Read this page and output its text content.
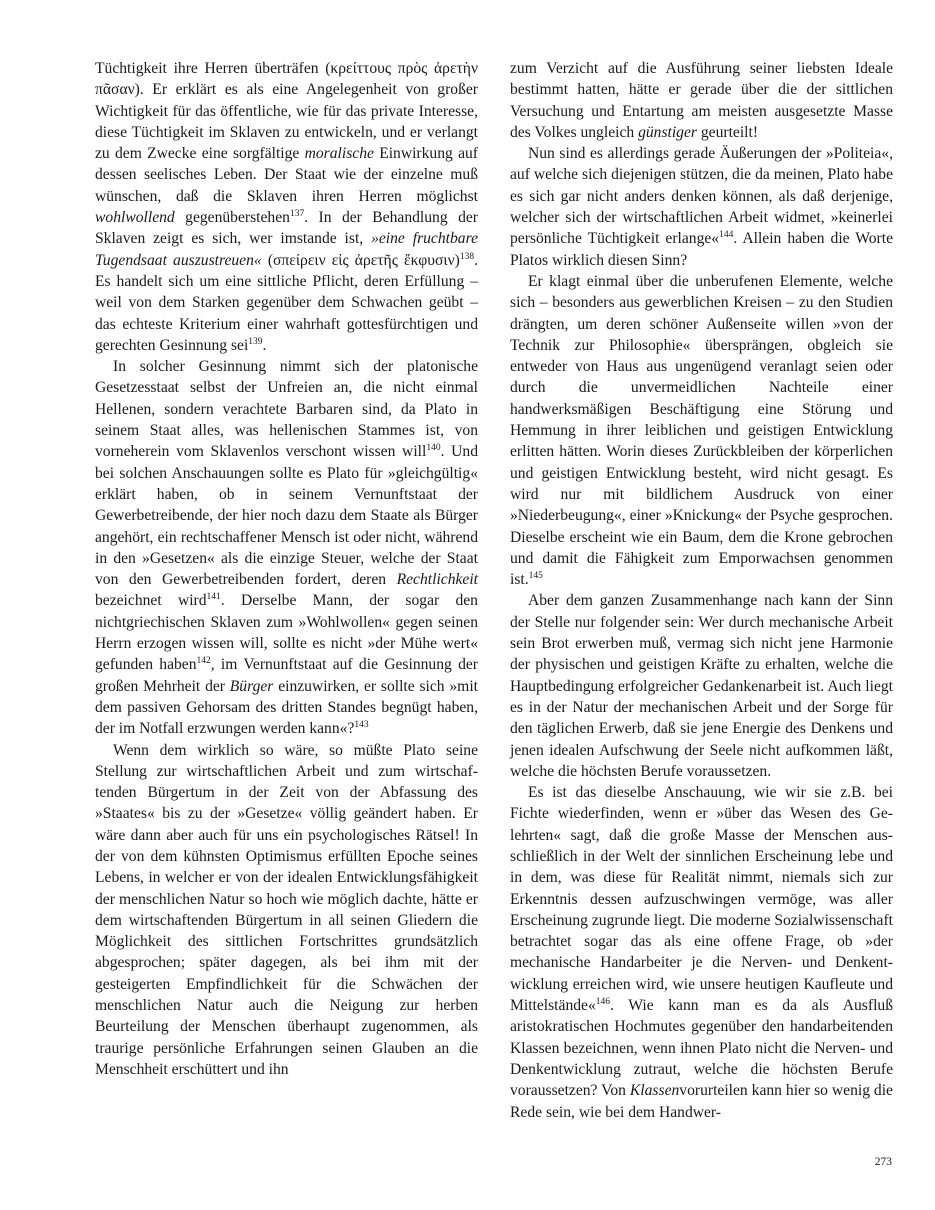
Tüchtigkeit ihre Herren überträfen (κρείττους πρὸς ἀρετὴν πᾶσαν). Er erklärt es als eine Angelegenheit von großer Wichtigkeit für das öffentliche, wie für das private Interesse, diese Tüchtigkeit im Sklaven zu entwickeln, und er verlangt zu dem Zwecke eine sorgfältige moralische Einwirkung auf dessen seelisches Leben. Der Staat wie der einzelne muß wünschen, daß die Sklaven ihren Herren möglichst wohlwollend gegenüberstehen$^{137}$. In der Behandlung der Sklaven zeigt es sich, wer imstande ist, »eine fruchtbare Tugendsaat auszustreuen« (σπείρειν εἰς ἀρετῆς ἔκφυσιν)$^{138}$. Es handelt sich um eine sittliche Pflicht, deren Erfüllung – weil von dem Starken gegenüber dem Schwachen geübt – das echteste Kriterium einer wahrhaft gottesfürchtigen und gerechten Gesinnung sei$^{139}$.

In solcher Gesinnung nimmt sich der platonische Gesetzesstaat selbst der Unfreien an, die nicht einmal Hellenen, sondern verachtete Barbaren sind, da Plato in seinem Staat alles, was hellenischen Stammes ist, von vorneherein vom Sklavenlos verschont wissen will$^{140}$. Und bei solchen Anschauungen sollte es Plato für »gleichgültig« erklärt haben, ob in seinem Vernunftstaat der Gewerbetreibende, der hier noch dazu dem Staate als Bürger angehört, ein rechtschaffener Mensch ist oder nicht, während in den »Gesetzen« als die einzige Steuer, welche der Staat von den Gewerbetreibenden fordert, deren Rechtlichkeit bezeichnet wird$^{141}$. Derselbe Mann, der sogar den nichtgriechischen Sklaven zum »Wohlwollen« gegen seinen Herrn erzogen wissen will, sollte es nicht »der Mühe wert« gefunden haben$^{142}$, im Vernunftstaat auf die Gesinnung der großen Mehrheit der Bürger einzuwirken, er sollte sich »mit dem passiven Gehorsam des dritten Standes begnügt haben, der im Notfall erzwungen werden kann«?$^{143}$

Wenn dem wirklich so wäre, so müßte Plato seine Stellung zur wirtschaftlichen Arbeit und zum wirtschaftenden Bürgertum in der Zeit von der Abfassung des »Staates« bis zu der »Gesetze« völlig geändert haben. Er wäre dann aber auch für uns ein psychologisches Rätsel! In der von dem kühnsten Optimismus erfüllten Epoche seines Lebens, in welcher er von der idealen Entwicklungsfähigkeit der menschlichen Natur so hoch wie möglich dachte, hätte er dem wirtschaftenden Bürgertum in all seinen Gliedern die Möglichkeit des sittlichen Fortschrittes grundsätzlich abgesprochen; später dagegen, als bei ihm mit der gesteigerten Empfindlichkeit für die Schwächen der menschlichen Natur auch die Neigung zur herben Beurteilung der Menschen überhaupt zugenommen, als traurige persönliche Erfahrungen seinen Glauben an die Menschheit erschüttert und ihn

zum Verzicht auf die Ausführung seiner liebsten Ideale bestimmt hatten, hätte er gerade über die der sittlichen Versuchung und Entartung am meisten ausgesetzte Masse des Volkes ungleich günstiger geurteilt!

Nun sind es allerdings gerade Äußerungen der »Politeia«, auf welche sich diejenigen stützen, die da meinen, Plato habe es sich gar nicht anders denken können, als daß derjenige, welcher sich der wirtschaftlichen Arbeit widmet, »keinerlei persönliche Tüchtigkeit erlange«$^{144}$. Allein haben die Worte Platos wirklich diesen Sinn?

Er klagt einmal über die unberufenen Elemente, welche sich – besonders aus gewerblichen Kreisen – zu den Studien drängten, um deren schöner Außenseite willen »von der Technik zur Philosophie« übersprängen, obgleich sie entweder von Haus aus ungenügend veranlagt seien oder durch die unvermeidlichen Nachteile einer handwerksmäßigen Beschäftigung eine Störung und Hemmung in ihrer leiblichen und geistigen Entwicklung erlitten hätten. Worin dieses Zurückbleiben der körperlichen und geistigen Entwicklung besteht, wird nicht gesagt. Es wird nur mit bildlichem Ausdruck von einer »Niederbeugung«, einer »Knickung« der Psyche gesprochen. Dieselbe erscheint wie ein Baum, dem die Krone gebrochen und damit die Fähigkeit zum Emporwachsen genommen ist.$^{145}$

Aber dem ganzen Zusammenhange nach kann der Sinn der Stelle nur folgender sein: Wer durch mechanische Arbeit sein Brot erwerben muß, vermag sich nicht jene Harmonie der physischen und geistigen Kräfte zu erhalten, welche die Hauptbedingung erfolgreicher Gedankenarbeit ist. Auch liegt es in der Natur der mechanischen Arbeit und der Sorge für den täglichen Erwerb, daß sie jene Energie des Denkens und jenen idealen Aufschwung der Seele nicht aufkommen läßt, welche die höchsten Berufe voraussetzen.

Es ist das dieselbe Anschauung, wie wir sie z.B. bei Fichte wiederfinden, wenn er »über das Wesen des Gelehrten« sagt, daß die große Masse der Menschen ausschließlich in der Welt der sinnlichen Erscheinung lebe und in dem, was diese für Realität nimmt, niemals sich zur Erkenntnis dessen aufzuschwingen vermöge, was aller Erscheinung zugrunde liegt. Die moderne Sozialwissenschaft betrachtet sogar das als eine offene Frage, ob »der mechanische Handarbeiter je die Nerven- und Denkentwicklung erreichen wird, wie unsere heutigen Kaufleute und Mittelstände«$^{146}$. Wie kann man es da als Ausfluß aristokratischen Hochmutes gegenüber den handarbeitenden Klassen bezeichnen, wenn ihnen Plato nicht die Nerven- und Denkentwicklung zutraut, welche die höchsten Berufe voraussetzen? Von Klassenvorurteilen kann hier so wenig die Rede sein, wie bei dem Handwer-

273
